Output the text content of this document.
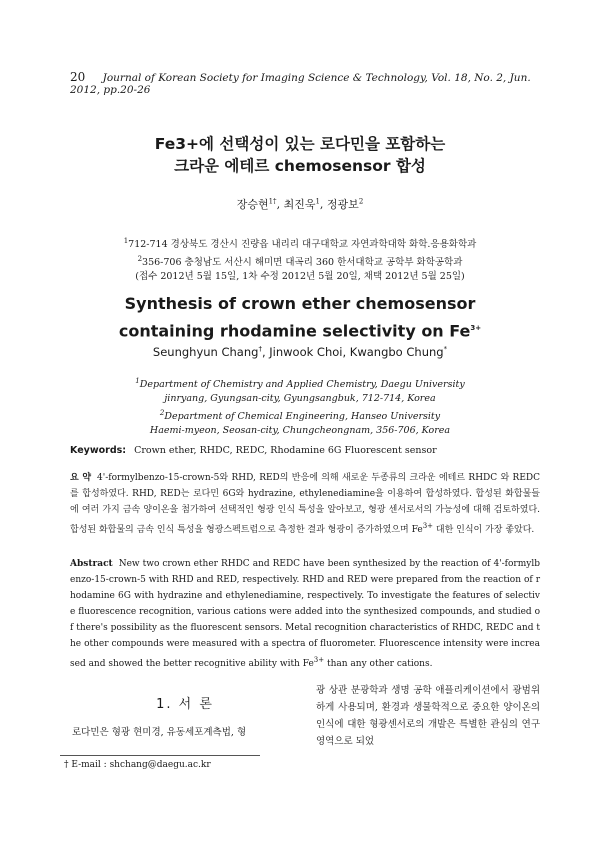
20 Journal of Korean Society for Imaging Science & Technology, Vol. 18, No. 2, Jun. 2012, pp.20-26
Fe3+에 선택성이 있는 로다민을 포함하는
크라운 에테르 chemosensor 합성
장승현$^{1\dagger}$, 최진욱$^1$, 정광보$^2$
$^1$712-714 경상북도 경산시 진량읍 내리리 대구대학교 자연과학대학 화학.응용화학과
$^2$356-706 충청남도 서산시 해미면 대곡리 360 한서대학교 공학부 화학공학과
(접수 2012년 5월 15일, 1차 수정 2012년 5월 20일, 채택 2012년 5월 25일)
Synthesis of crown ether chemosensor
containing rhodamine selectivity on $Fe^{3+}$
Seunghyun Chang†, Jinwook Choi, Kwangbo Chung*
$^1$Department of Chemistry and Applied Chemistry, Daegu University
jinryang, Gyungsan-city, Gyungsangbuk, 712-714, Korea
$^2$Department of Chemical Engineering, Hanseo University
Haemi-myeon, Seosan-city, Chungcheongnam, 356-706, Korea
Keywords: Crown ether, RHDC, REDC, Rhodamine 6G Fluorescent sensor
요 약 4'-formylbenzo-15-crown-5와 RHD, RED의 반응에 의해 새로운 두종류의 크라운 에테르 RHDC 와 REDC를 합성하였다. RHD, RED는 로다민 6G와 hydrazine, ethylenediamine을 이용하여 합성하였다. 합성된 화합물들에 여러 가지 금속 양이온을 첨가하여 선택적인 형광 인식 특성을 알아보고, 형광 센서로서의 가능성에 대해 검토하였다. 합성된 화합물의 금속 인식 특성을 형광스펙트럼으로 측정한 결과 형광이 증가하였으며 $Fe^{3+}$ 대한 인식이 가장 좋았다.
Abstract New two crown ether RHDC and REDC have been synthesized by the reaction of 4'-formylbenzo-15-crown-5 with RHD and RED, respectively. RHD and RED were prepared from the reaction of rhodamine 6G with hydrazine and ethylenediamine, respectively. To investigate the features of selective fluorescence recognition, various cations were added into the synthesized compounds, and studied of there's possibility as the fluorescent sensors. Metal recognition characteristics of RHDC, REDC and the other compounds were measured with a spectra of fluorometer. Fluorescence intensity were increased and showed the better recognitive ability with $Fe^{3+}$ than any other cations.
1. 서 론
로다민은 형광 현미경, 유동세포계측법, 형
광 상관 분광학과 생명 공학 애플리케이션에서 광범위하게 사용되며, 환경과 생물학적으로 중요한 양이온의 인식에 대한 형광센서로의 개발은 특별한 관심의 연구 영역으로 되었
† E-mail : shchang@daegu.ac.kr
